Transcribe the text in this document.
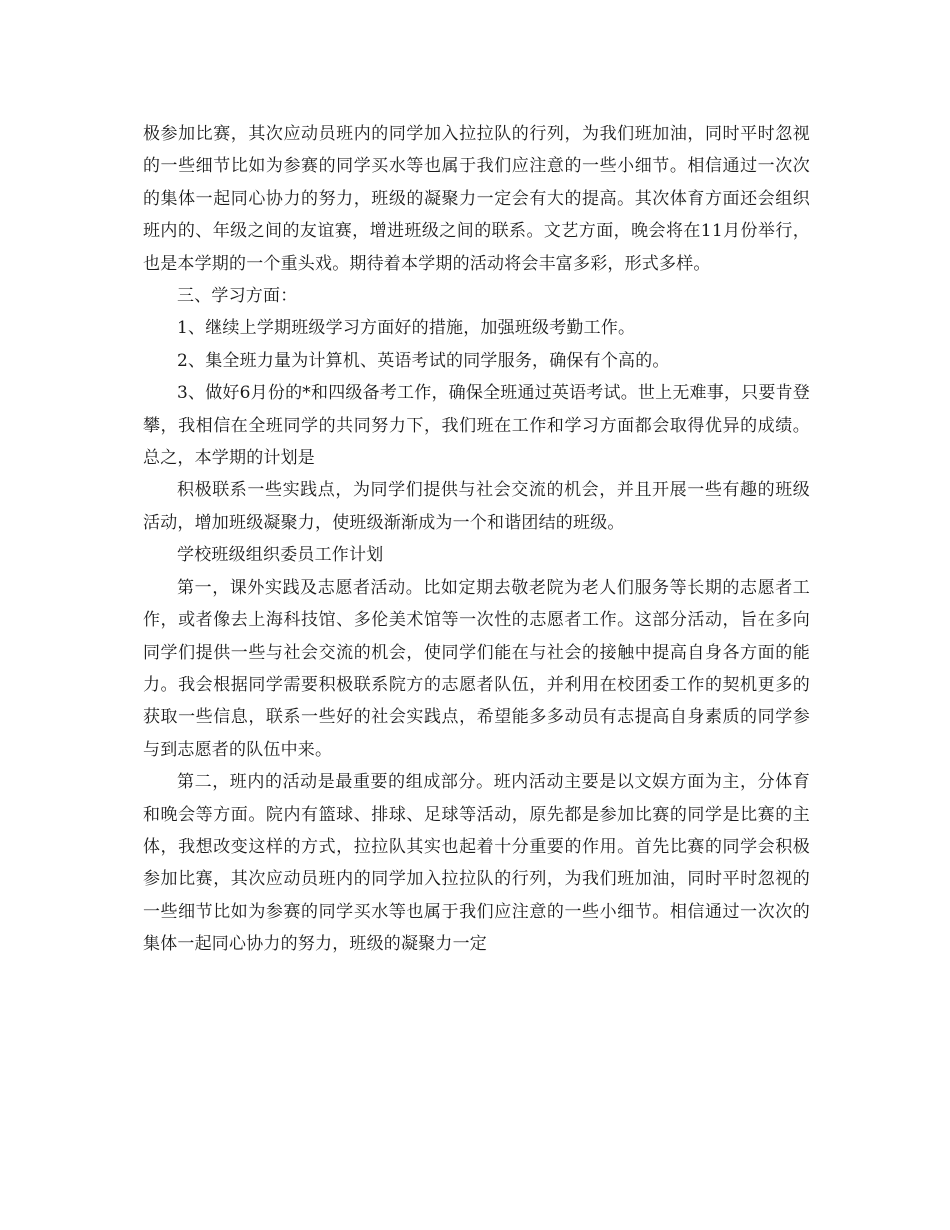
极参加比赛，其次应动员班内的同学加入拉拉队的行列，为我们班加油，同时平时忽视的一些细节比如为参赛的同学买水等也属于我们应注意的一些小细节。相信通过一次次的集体一起同心协力的努力，班级的凝聚力一定会有大的提高。其次体育方面还会组织班内的、年级之间的友谊赛，增进班级之间的联系。文艺方面，晚会将在11月份举行，也是本学期的一个重头戏。期待着本学期的活动将会丰富多彩，形式多样。

三、学习方面：

1、继续上学期班级学习方面好的措施，加强班级考勤工作。

2、集全班力量为计算机、英语考试的同学服务，确保有个高的。

3、做好6月份的*和四级备考工作，确保全班通过英语考试。世上无难事，只要肯登攀，我相信在全班同学的共同努力下，我们班在工作和学习方面都会取得优异的成绩。总之，本学期的计划是

积极联系一些实践点，为同学们提供与社会交流的机会，并且开展一些有趣的班级活动，增加班级凝聚力，使班级渐渐成为一个和谐团结的班级。

学校班级组织委员工作计划

第一，课外实践及志愿者活动。比如定期去敬老院为老人们服务等长期的志愿者工作，或者像去上海科技馆、多伦美术馆等一次性的志愿者工作。这部分活动，旨在多向同学们提供一些与社会交流的机会，使同学们能在与社会的接触中提高自身各方面的能力。我会根据同学需要积极联系院方的志愿者队伍，并利用在校团委工作的契机更多的获取一些信息，联系一些好的社会实践点，希望能多多动员有志提高自身素质的同学参与到志愿者的队伍中来。

第二，班内的活动是最重要的组成部分。班内活动主要是以文娱方面为主，分体育和晚会等方面。院内有篮球、排球、足球等活动，原先都是参加比赛的同学是比赛的主体，我想改变这样的方式，拉拉队其实也起着十分重要的作用。首先比赛的同学会积极参加比赛，其次应动员班内的同学加入拉拉队的行列，为我们班加油，同时平时忽视的一些细节比如为参赛的同学买水等也属于我们应注意的一些小细节。相信通过一次次的集体一起同心协力的努力，班级的凝聚力一定
